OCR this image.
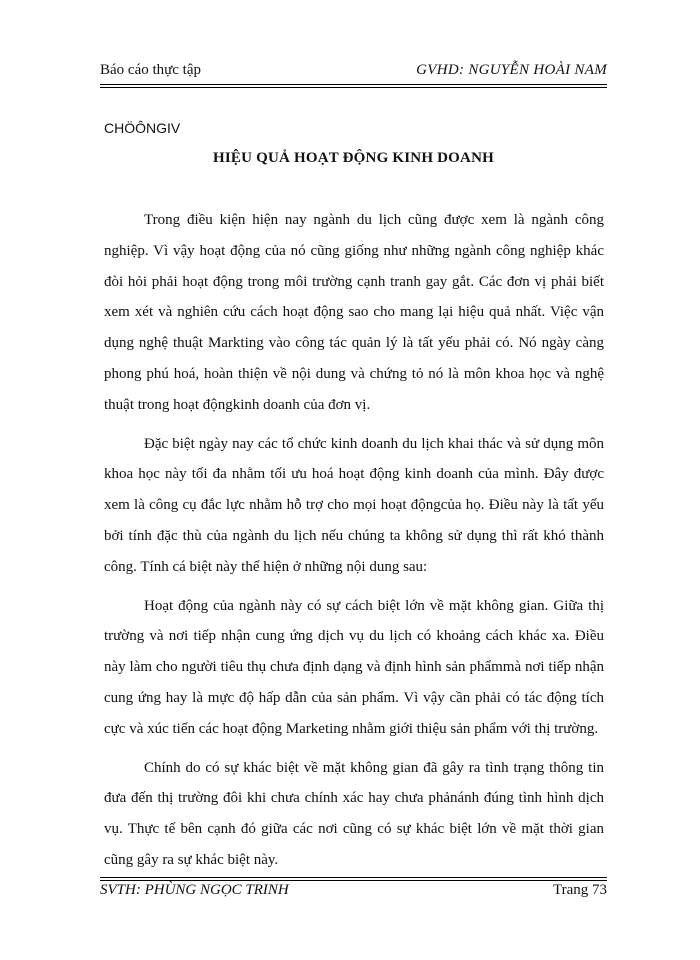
Báo cáo thực tập	GVHD: NGUYỄN HOÀI NAM
CHÖÔNGIV
HIỆU QUẢ HOẠT ĐỘNG KINH DOANH

Trong điều kiện hiện nay ngành du lịch cũng được xem là ngành công nghiệp. Vì vậy hoạt động của nó cũng giống như những ngành công nghiệp khác đòi hỏi phải hoạt động trong môi trường cạnh tranh gay gắt. Các đơn vị phải biết xem xét và nghiên cứu cách hoạt động sao cho mang lại hiệu quả nhất. Việc vận dụng nghệ thuật Markting vào công tác quản lý là tất yếu phải có. Nó ngày càng phong phú hoá, hoàn thiện về nội dung và chứng tỏ nó là môn khoa học và nghệ thuật trong hoạt độngkinh doanh của đơn vị.

Đặc biệt ngày nay các tổ chức kinh doanh du lịch khai thác và sử dụng môn khoa học này tối đa nhằm tối ưu hoá hoạt động kinh doanh của mình. Đây được xem là công cụ đắc lực nhằm hỗ trợ cho mọi hoạt độngcủa họ. Điều này là tất yếu bởi tính đặc thù của ngành du lịch nếu chúng ta không sử dụng thì rất khó thành công. Tính cá biệt này thể hiện ở những nội dung sau:

Hoạt động của ngành này có sự cách biệt lớn về mặt không gian. Giữa thị trường và nơi tiếp nhận cung ứng dịch vụ du lịch có khoảng cách khác xa. Điều này làm cho người tiêu thụ chưa định dạng và định hình sản phẩmmà nơi tiếp nhận cung ứng hay là mực độ hấp dẫn của sản phẩm. Vì vậy cần phải có tác động tích cực và xúc tiến các hoạt động Marketing nhằm giới thiệu sản phẩm với thị trường.

Chính do có sự khác biệt về mặt không gian đã gây ra tình trạng thông tin đưa đến thị trường đôi khi chưa chính xác hay chưa phảnánh đúng tình hình dịch vụ. Thực tế bên cạnh đó giữa các nơi cũng có sự khác biệt lớn về mặt thời gian cũng gây ra sự khác biệt này.

SVTH: PHÙNG NGỌC TRINH	Trang 73
